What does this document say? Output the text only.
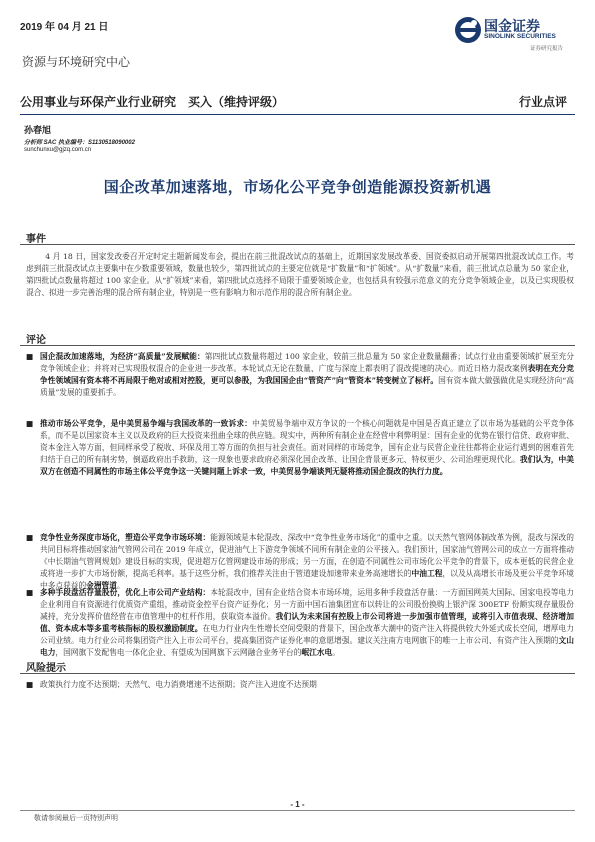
2019 年 04 月 21 日	国金证券
SINOLINK SECURITIES
证券研究报告
资源与环境研究中心
公用事业与环保产业行业研究　买入（维持评级）	行业点评
孙春旭
分析师 SAC 执业编号：S1130518090002
sunchunxu@gjzq.com.cn
国企改革加速落地，市场化公平竞争创造能源投资新机遇
事件
4 月 18 日，国家发改委召开定时定主题新闻发布会，提出在前三批混改试点的基础上，近期国家发展改革委、国资委拟启动开展第四批混改试点工作。考虑到前三批混改试点主要集中在少数重要领域，数量也较少，第四批试点的主要定位就是“扩数量”和“扩领域”。从“扩数量”来看，前三批试点总量为 50 家企业，第四批试点数量将超过 100 家企业。从“扩领域”来看，第四批试点选择不局限于重要领域企业，也包括具有较强示范意义的充分竞争领域企业，以及已实现股权混合、拟进一步完善治理的混合所有制企业，特别是一些有影响力和示范作用的混合所有制企业。
评论
■ 国企混改加速落地，为经济“高质量”发展赋能：第四批试点数量将超过 100 家企业，较前三批总量为 50 家企业数量翻番；试点行业由重要领域扩展至充分竞争领域企业；并将对已实现股权混合的企业进一步改革。本轮试点无论在数量、广度与深度上都表明了混改提速的决心。而近日格力混改案例表明在充分竞争性领域国有资本将不再局限于绝对或相对控股，更可以参股，为我国国企由“管资产”向“管资本”转变树立了标杆。国有资本做大做强做优是实现经济向“高质量”发展的重要抓手。
■ 推动市场公平竞争，是中美贸易争端与我国改革的一致诉求：中美贸易争端中双方争议的一个核心问题就是中国是否真正建立了以市场为基础的公平竞争体系，而不是以国家资本主义以及政府的巨大投资来扭曲全球的供应链。现实中，两种所有制企业在经营中利弊明显：国有企业的优势在银行信贷、政府审批、资本金注入等方面，但同样承受了税收、环保及用工等方面的负担与社会责任。面对同样的市场竞争，国有企业与民营企业往往都将企业运行遇到的困难首先归结于自己的所有制劣势，倒逼政府出手救助，这一现象也要求政府必须深化国企改革、让国企背景更多元、特权更少、公司治理更现代化。我们认为，中美双方在创造不同属性的市场主体公平竞争这一关键问题上诉求一致，中美贸易争端谈判无疑将推动国企混改的执行力度。
■ 竞争性业务深度市场化，塑造公平竞争市场环境：能源领域是本轮混改、深改中“竞争性业务市场化”的重中之重。以天然气管网体制改革为例，混改与深改的共同目标将推动国家油气管网公司在 2019 年成立，促进油气上下游竞争领域不同所有制企业的公平接入。我们预计，国家油气管网公司的成立一方面将推动《中长期油气管网规划》建设目标的实现，促进超万亿管网建设市场的形成；另一方面，在创造不同属性公司市场化公平竞争的背景下，成本更低的民营企业或将进一步扩大市场份额，提高毛利率。基于这些分析，我们推荐关注由于管道建设加速带来业务高速增长的中油工程，以及从高增长市场及更公平竞争环境中多点获益的金洲管道。
■ 多种手段盘活存量股份，优化上市公司产业结构：本轮混改中，国有企业结合资本市场环境，运用多种手段盘活存量：一方面国网英大国际、国家电投等电力企业利用自有资源进行优质资产重组，推动资金控平台资产证券化；另一方面中国石油集团宣布以转让的公司股份换购上银沪深 300ETF 份额实现存量股份减持，充分发挥价值经营在市值管理中的杠杆作用，获取资本溢价。我们认为未来国有控股上市公司将进一步加强市值管理，或将引入市值表现、经济增加值、资本成本等多重考核指标的股权激励制度。在电力行业内生性增长空间受限的背景下，国企改革大潮中的资产注入将提供较大外延式成长空间，增厚电力公司业绩。电力行业公司将集团资产注入上市公司平台，提高集团资产证券化率的意愿增强。建议关注南方电网旗下的唯一上市公司、有资产注入预期的文山电力，国网旗下发配售电一体化企业、有望成为国网旗下云网融合业务平台的岷江水电。
风险提示
■ 政策执行力度不达预期；天然气、电力消费增速不达预期；资产注入进度不达预期
- 1 -
敬请参阅最后一页特别声明
